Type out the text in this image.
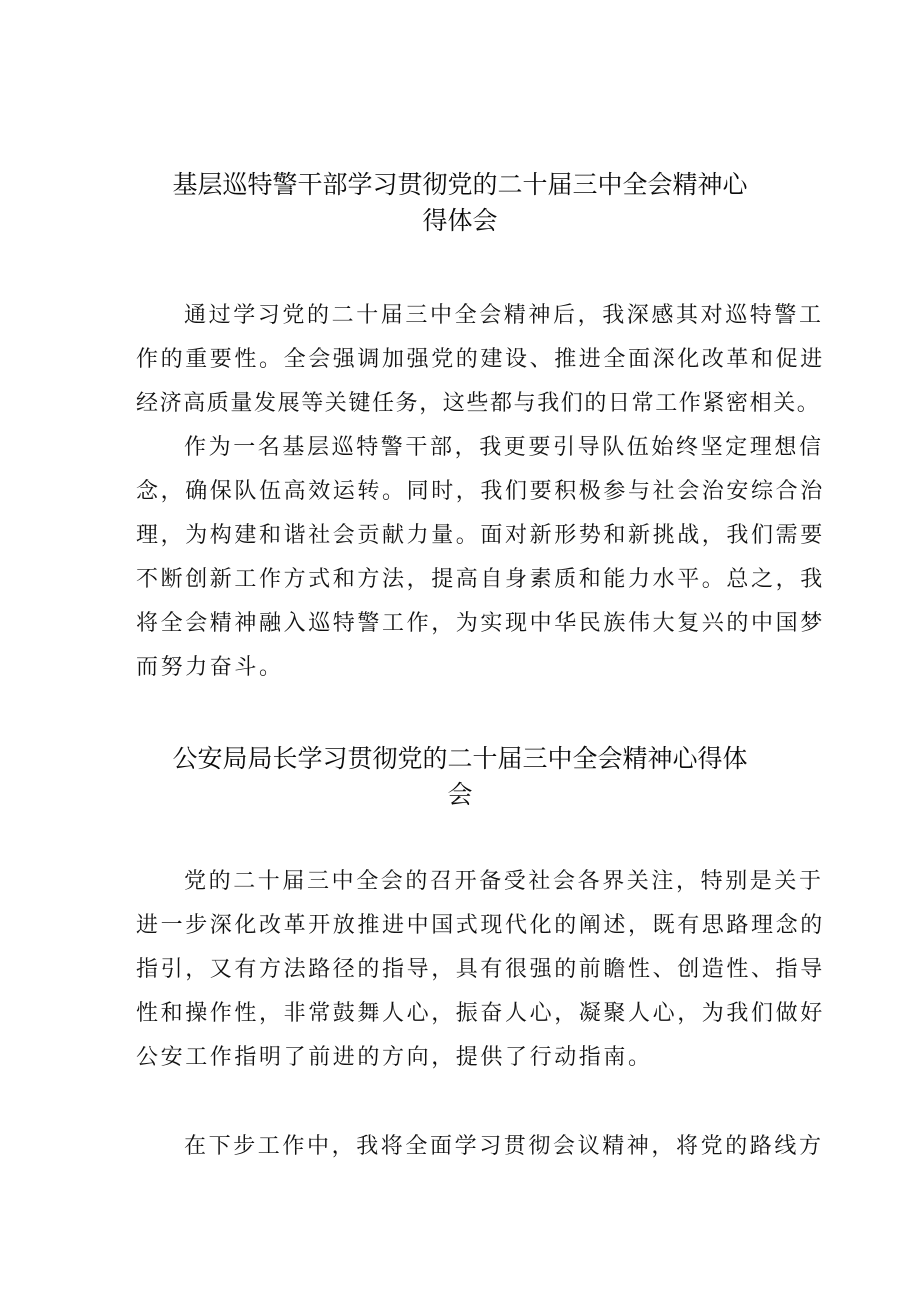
基层巡特警干部学习贯彻党的二十届三中全会精神心
得体会

通过学习党的二十届三中全会精神后，我深感其对巡特警工
作的重要性。全会强调加强党的建设、推进全面深化改革和促进
经济高质量发展等关键任务，这些都与我们的日常工作紧密相关。

作为一名基层巡特警干部，我更要引导队伍始终坚定理想信
念，确保队伍高效运转。同时，我们要积极参与社会治安综合治
理，为构建和谐社会贡献力量。面对新形势和新挑战，我们需要
不断创新工作方式和方法，提高自身素质和能力水平。总之，我
将全会精神融入巡特警工作，为实现中华民族伟大复兴的中国梦
而努力奋斗。

公安局局长学习贯彻党的二十届三中全会精神心得体
会

党的二十届三中全会的召开备受社会各界关注，特别是关于
进一步深化改革开放推进中国式现代化的阐述，既有思路理念的
指引，又有方法路径的指导，具有很强的前瞻性、创造性、指导
性和操作性，非常鼓舞人心，振奋人心，凝聚人心，为我们做好
公安工作指明了前进的方向，提供了行动指南。

在下步工作中，我将全面学习贯彻会议精神，将党的路线方
